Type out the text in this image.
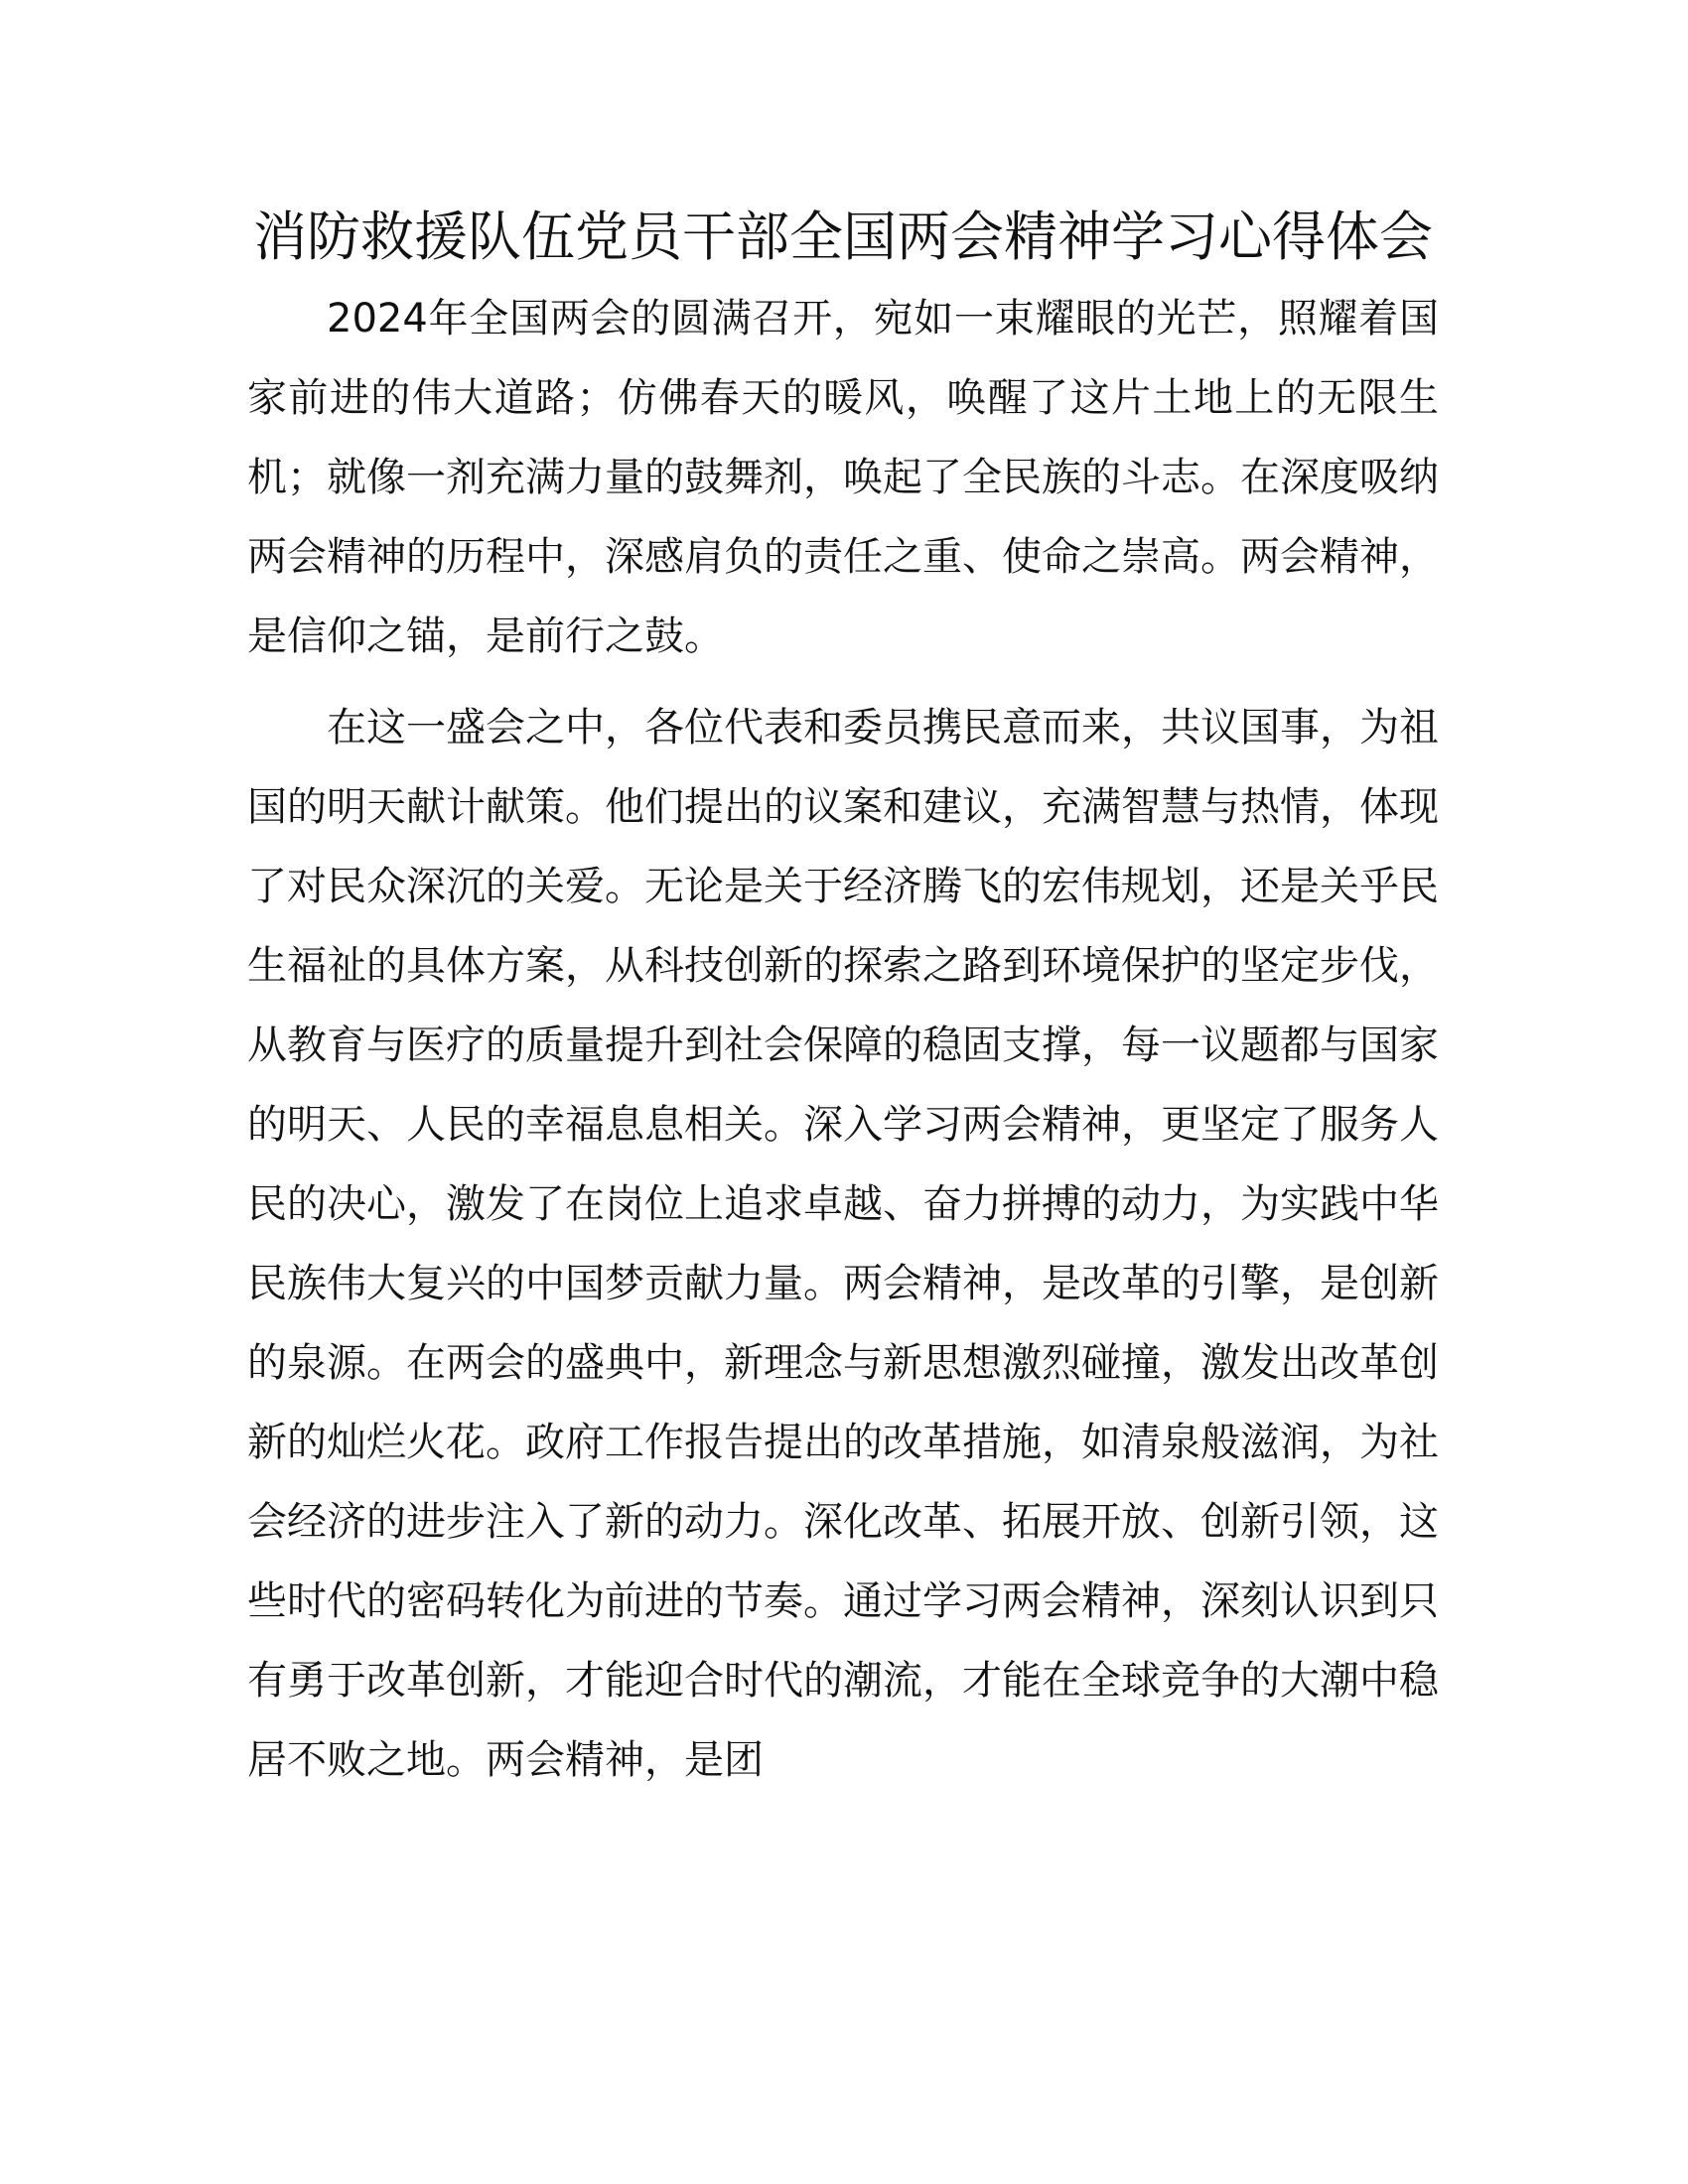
消防救援队伍党员干部全国两会精神学习心得体会

2024年全国两会的圆满召开，宛如一束耀眼的光芒，照耀着国家前进的伟大道路；仿佛春天的暖风，唤醒了这片土地上的无限生机；就像一剂充满力量的鼓舞剂，唤起了全民族的斗志。在深度吸纳两会精神的历程中，深感肩负的责任之重、使命之崇高。两会精神，是信仰之锚，是前行之鼓。

在这一盛会之中，各位代表和委员携民意而来，共议国事，为祖国的明天献计献策。他们提出的议案和建议，充满智慧与热情，体现了对民众深沉的关爱。无论是关于经济腾飞的宏伟规划，还是关乎民生福祉的具体方案，从科技创新的探索之路到环境保护的坚定步伐，从教育与医疗的质量提升到社会保障的稳固支撑，每一议题都与国家的明天、人民的幸福息息相关。深入学习两会精神，更坚定了服务人民的决心，激发了在岗位上追求卓越、奋力拼搏的动力，为实践中华民族伟大复兴的中国梦贡献力量。两会精神，是改革的引擎，是创新的泉源。在两会的盛典中，新理念与新思想激烈碰撞，激发出改革创新的灿烂火花。政府工作报告提出的改革措施，如清泉般滋润，为社会经济的进步注入了新的动力。深化改革、拓展开放、创新引领，这些时代的密码转化为前进的节奏。通过学习两会精神，深刻认识到只有勇于改革创新，才能迎合时代的潮流，才能在全球竞争的大潮中稳居不败之地。两会精神，是团
